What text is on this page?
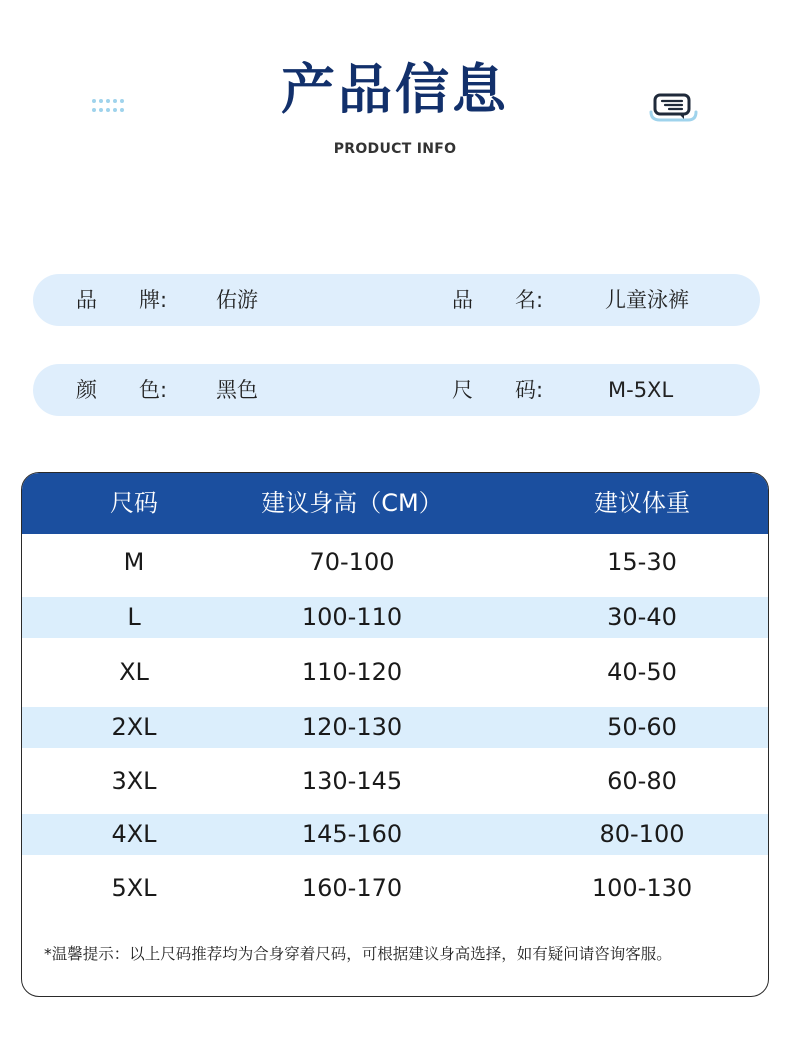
产品信息
PRODUCT INFO
品　　牌: 佑游	品　　名:	儿童泳裤
颜　　色: 黑色	尺　　码:	M-5XL
尺码	建议身高（CM）	建议体重
M	70-100	15-30
L	100-110	30-40
XL	110-120	40-50
2XL	120-130	50-60
3XL	130-145	60-80
4XL	145-160	80-100
5XL	160-170	100-130
*温馨提示：以上尺码推荐均为合身穿着尺码，可根据建议身高选择，如有疑问请咨询客服。
